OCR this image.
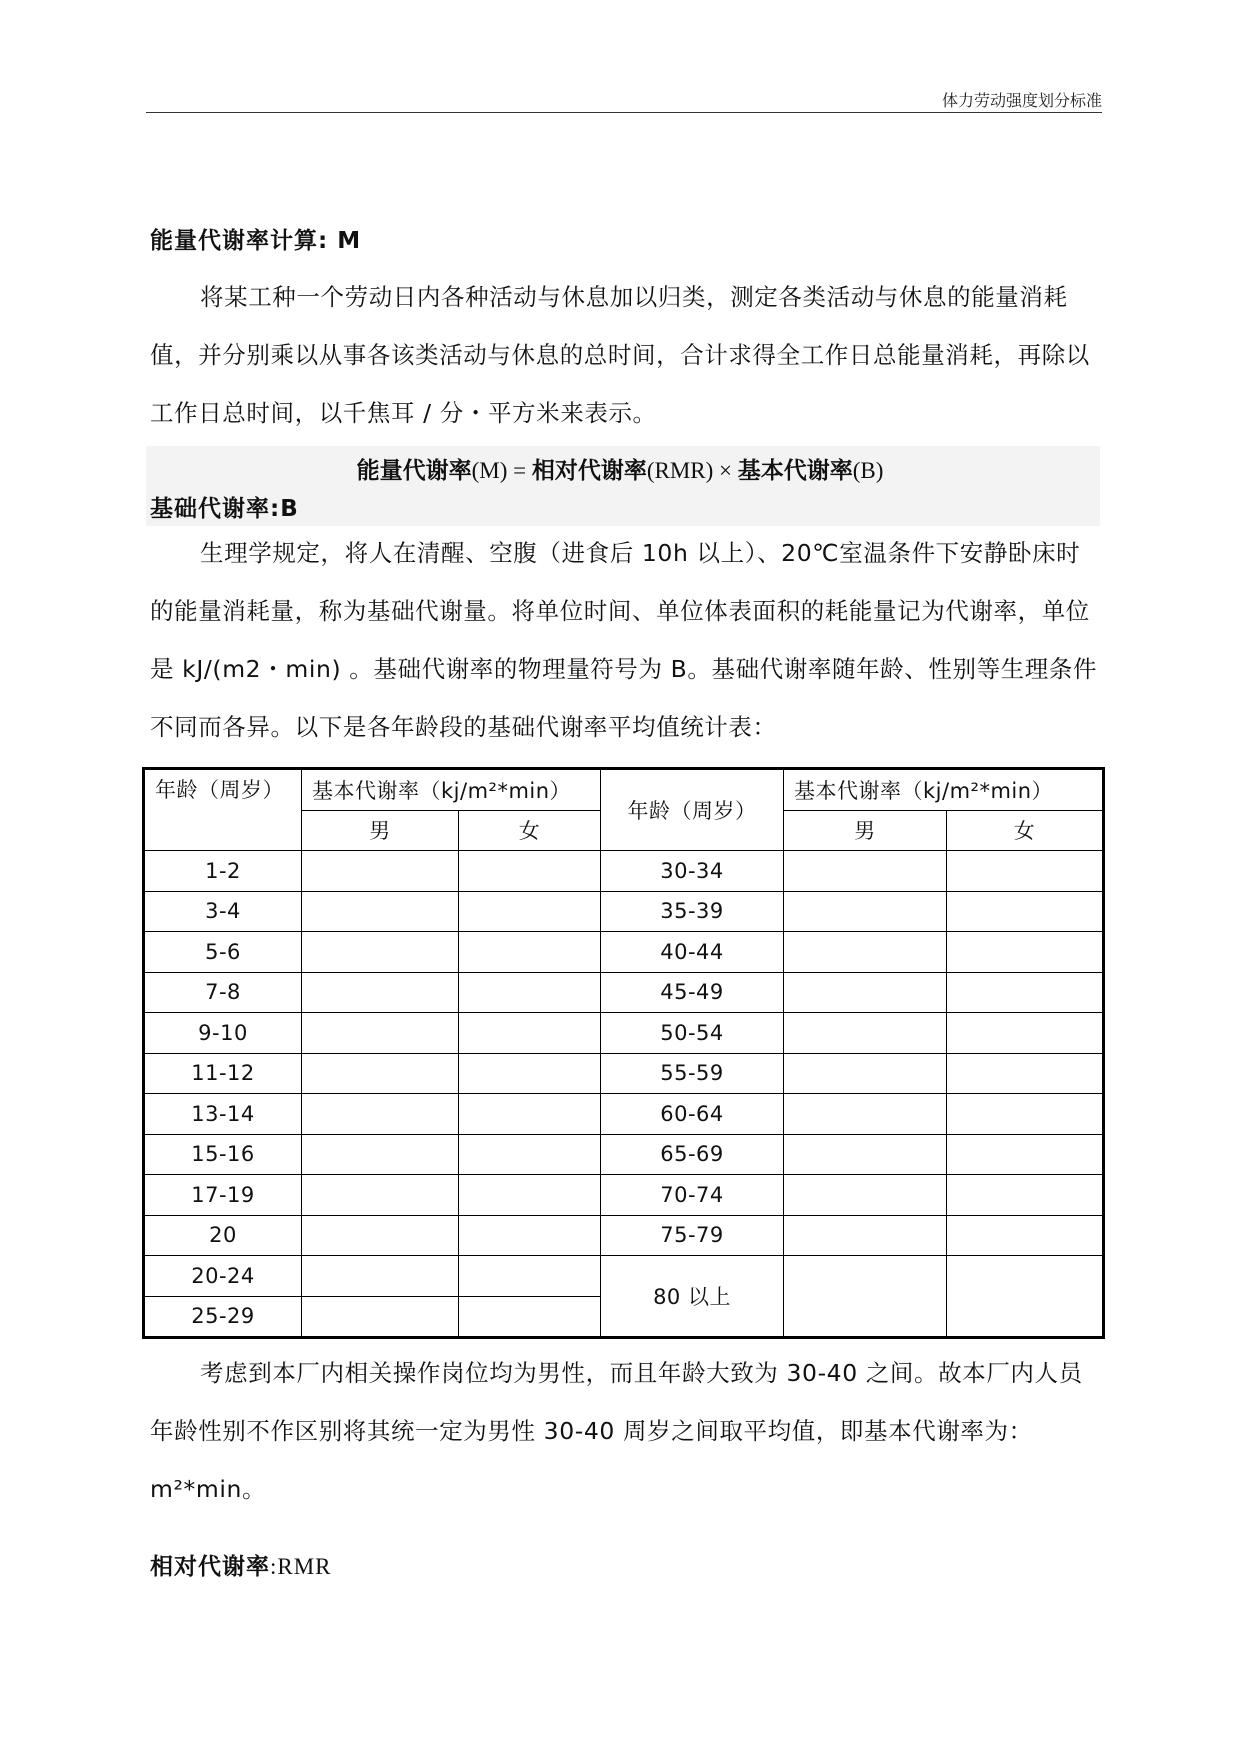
体力劳动强度划分标准
能量代谢率计算: M

将某工种一个劳动日内各种活动与休息加以归类，测定各类活动与休息的能量消耗值，并分别乘以从事各该类活动与休息的总时间，合计求得全工作日总能量消耗，再除以工作日总时间，以千焦耳 / 分・平方米来表示。

能量代谢率(M) = 相对代谢率(RMR) × 基本代谢率(B)
基础代谢率:B

生理学规定，将人在清醒、空腹（进食后 10h 以上）、20℃室温条件下安静卧床时的能量消耗量，称为基础代谢量。将单位时间、单位体表面积的耗能量记为代谢率，单位是 kJ/(m2・min) 。基础代谢率的物理量符号为 B。基础代谢率随年龄、性别等生理条件不同而各异。以下是各年龄段的基础代谢率平均值统计表：

年龄（周岁）	基本代谢率（kj/m²*min）		年龄（周岁）	基本代谢率（kj/m²*min）	
	男	女		男	女
1-2			30-34		
3-4			35-39		
5-6			40-44		
7-8			45-49		
9-10			50-54		
11-12			55-59		
13-14			60-64		
15-16			65-69		
17-19			70-74		
20			75-79		
20-24			80 以上		
25-29					

考虑到本厂内相关操作岗位均为男性，而且年龄大致为 30-40 之间。故本厂内人员年龄性别不作区别将其统一定为男性 30-40 周岁之间取平均值，即基本代谢率为：m²*min。

相对代谢率:RMR
